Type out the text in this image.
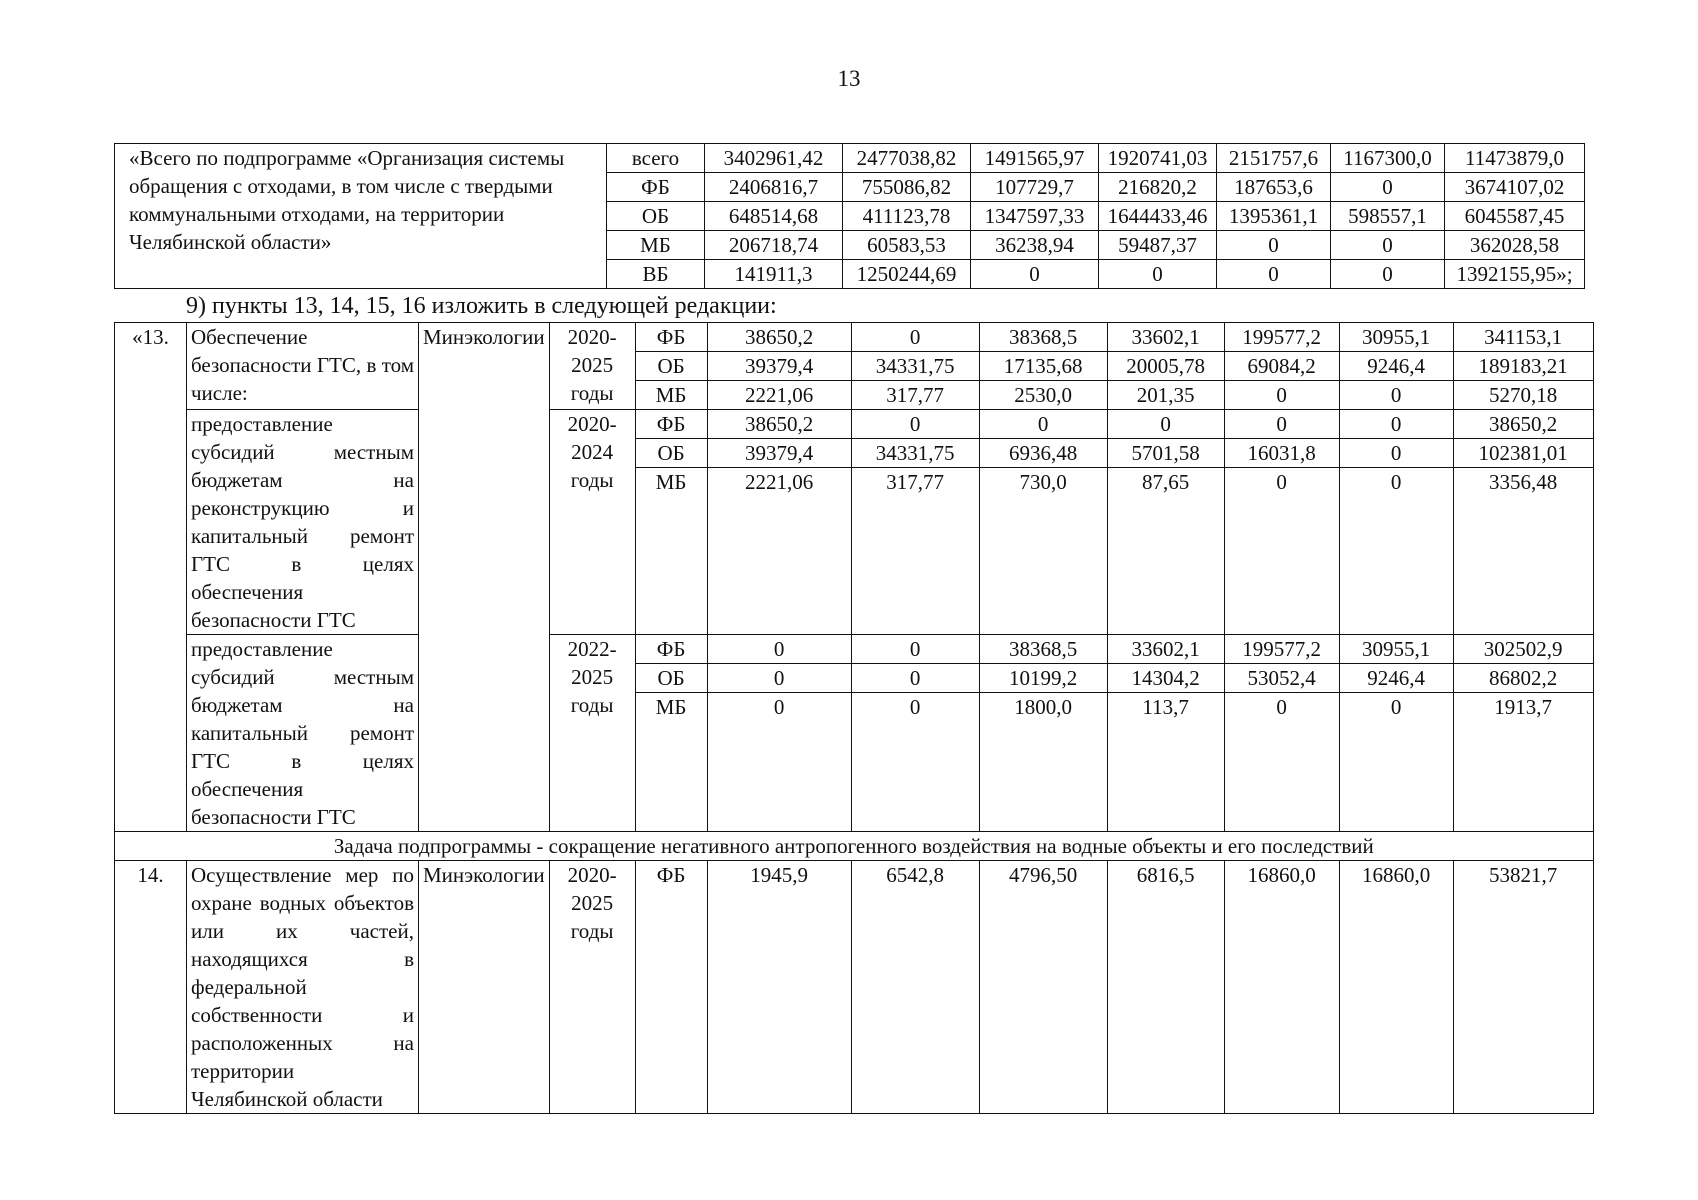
13
«Всего по подпрограмме «Организация системы обращения с отходами, в том числе с твердыми коммунальными отходами, на территории Челябинской области»	всего	3402961,42	2477038,82	1491565,97	1920741,03	2151757,6	1167300,0	11473879,0
	ФБ	2406816,7	755086,82	107729,7	216820,2	187653,6	0	3674107,02
	ОБ	648514,68	411123,78	1347597,33	1644433,46	1395361,1	598557,1	6045587,45
	МБ	206718,74	60583,53	36238,94	59487,37	0	0	362028,58
	ВБ	141911,3	1250244,69	0	0	0	0	1392155,95»;
9) пункты 13, 14, 15, 16 изложить в следующей редакции:
«13.	Обеспечение безопасности ГТС, в том числе:	Минэкологии	2020-2025 годы	ФБ	38650,2	0	38368,5	33602,1	199577,2	30955,1	341153,1
				ОБ	39379,4	34331,75	17135,68	20005,78	69084,2	9246,4	189183,21
				МБ	2221,06	317,77	2530,0	201,35	0	0	5270,18
	предоставление субсидий местным бюджетам на реконструкцию и капитальный ремонт ГТС в целях обеспечения безопасности ГТС		2020-2024 годы	ФБ	38650,2	0	0	0	0	0	38650,2
				ОБ	39379,4	34331,75	6936,48	5701,58	16031,8	0	102381,01
				МБ	2221,06	317,77	730,0	87,65	0	0	3356,48
	предоставление субсидий местным бюджетам на капитальный ремонт ГТС в целях обеспечения безопасности ГТС		2022-2025 годы	ФБ	0	0	38368,5	33602,1	199577,2	30955,1	302502,9
				ОБ	0	0	10199,2	14304,2	53052,4	9246,4	86802,2
				МБ	0	0	1800,0	113,7	0	0	1913,7
Задача подпрограммы - сокращение негативного антропогенного воздействия на водные объекты и его последствий											
14.	Осуществление мер по охране водных объектов или их частей, находящихся в федеральной собственности и расположенных на территории Челябинской области	Минэкологии	2020-2025 годы	ФБ	1945,9	6542,8	4796,50	6816,5	16860,0	16860,0	53821,7
